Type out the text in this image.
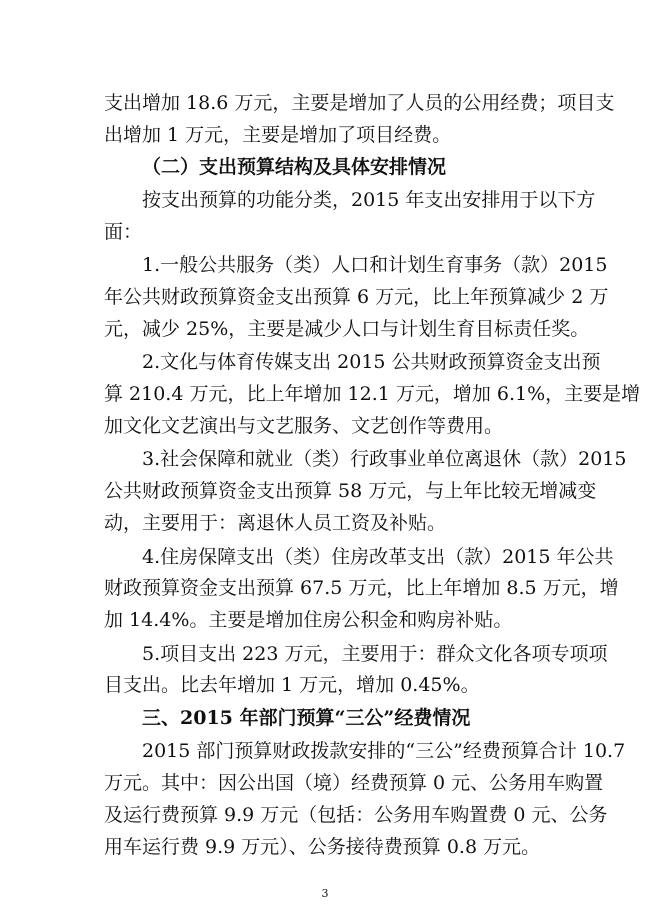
支出增加 18.6 万元，主要是增加了人员的公用经费；项目支
出增加 1 万元，主要是增加了项目经费。
（二）支出预算结构及具体安排情况
按支出预算的功能分类，2015 年支出安排用于以下方
面：
1.一般公共服务（类）人口和计划生育事务（款）2015
年公共财政预算资金支出预算 6 万元，比上年预算减少 2 万
元，减少 25%，主要是减少人口与计划生育目标责任奖。
2.文化与体育传媒支出 2015 公共财政预算资金支出预
算 210.4 万元，比上年增加 12.1 万元，增加 6.1%，主要是增
加文化文艺演出与文艺服务、文艺创作等费用。
3.社会保障和就业（类）行政事业单位离退休（款）2015
公共财政预算资金支出预算 58 万元，与上年比较无增减变
动，主要用于：离退休人员工资及补贴。
4.住房保障支出（类）住房改革支出（款）2015 年公共
财政预算资金支出预算 67.5 万元，比上年增加 8.5 万元，增
加 14.4%。主要是增加住房公积金和购房补贴。
5.项目支出 223 万元，主要用于：群众文化各项专项项
目支出。比去年增加 1 万元，增加 0.45%。
三、2015 年部门预算“三公”经费情况
2015 部门预算财政拨款安排的“三公”经费预算合计 10.7
万元。其中：因公出国（境）经费预算 0 元、公务用车购置
及运行费预算 9.9 万元（包括：公务用车购置费 0 元、公务
用车运行费 9.9 万元）、公务接待费预算 0.8 万元。
3
